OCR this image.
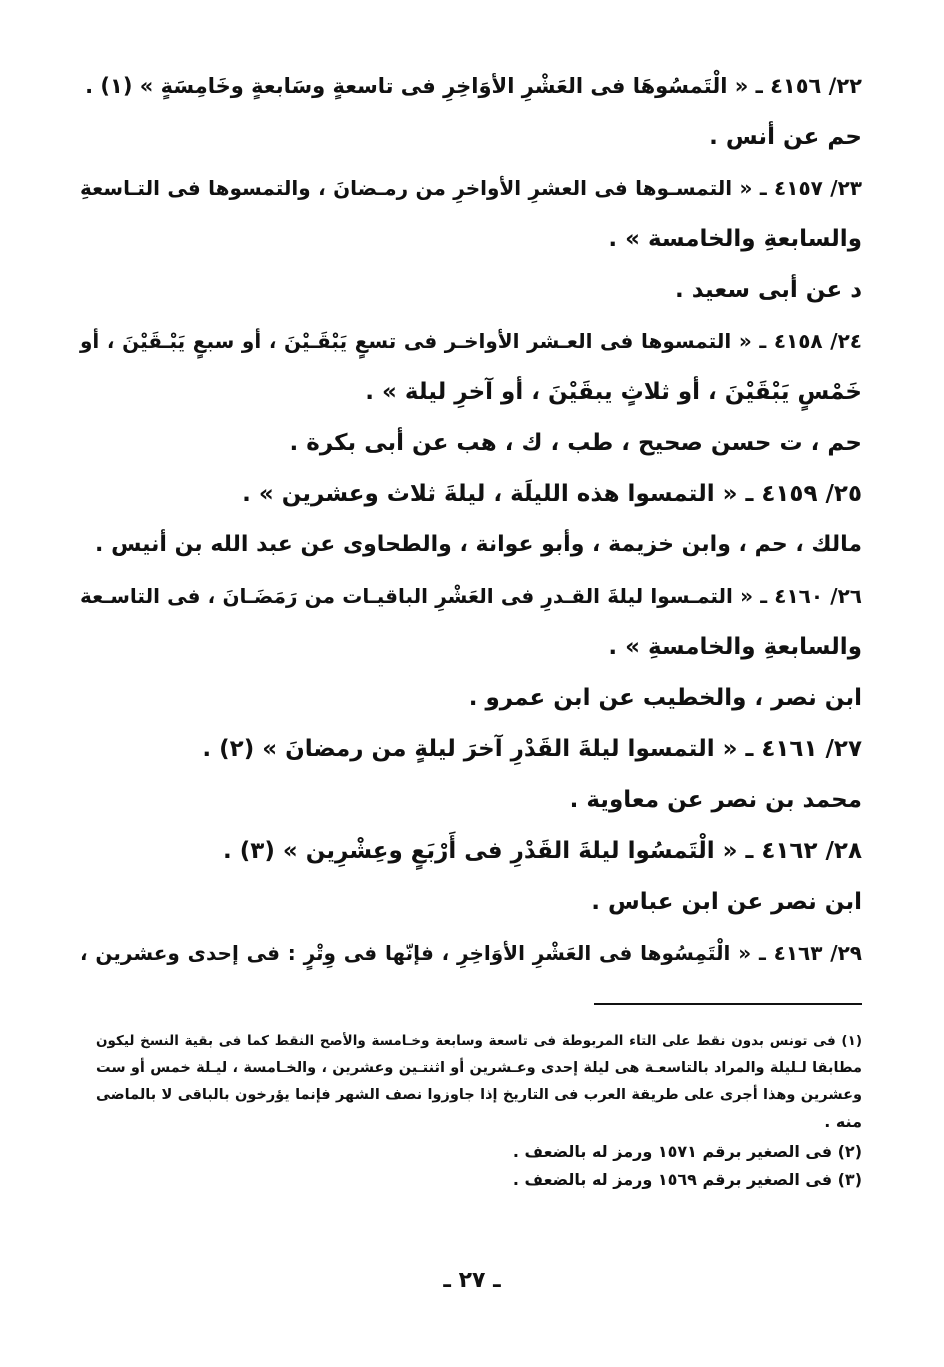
٢٢/ ٤١٥٦ ـ « الْتَمسُوهَا فى العَشْرِ الأوَاخِرِ فى تاسعةٍ وسَابعةٍ وخَامِسَةٍ » (١) .
حم عن أنس .
٢٣/ ٤١٥٧ ـ « التمسـوها فى العشرِ الأواخرِ من رمـضانَ ، والتمسوها فى التـاسعةِ
والسابعةِ والخامسة » .
د عن أبى سعيد .
٢٤/ ٤١٥٨ ـ « التمسوها فى العـشر الأواخـر فى تسعٍ يَبْقَـيْنَ ، أو سبعٍ يَبْـقَيْنَ ، أو
خَمْسٍ يَبْقَيْنَ ، أو ثلاثٍ يبقَيْنَ ، أو آخرِ ليلة » .
حم ، ت حسن صحيح ، طب ، ك ، هب عن أبى بكرة .
٢٥/ ٤١٥٩ ـ « التمسوا هذه الليلَة ، ليلةَ ثلاث وعشرين » .
مالك ، حم ، وابن خزيمة ، وأبو عوانة ، والطحاوى عن عبد الله بن أنيس .
٢٦/ ٤١٦٠ ـ « التمـسوا ليلةَ القـدرِ فى العَشْرِ الباقيـات من رَمَضَـانَ ، فى التاسـعة
والسابعةِ والخامسةِ » .
ابن نصر ، والخطيب عن ابن عمرو .
٢٧/ ٤١٦١ ـ « التمسوا ليلةَ القَدْرِ آخرَ ليلةٍ من رمضانَ » (٢) .
محمد بن نصر عن معاوية .
٢٨/ ٤١٦٢ ـ « الْتَمسُوا ليلةَ القَدْرِ فى أَرْبَعٍ وعِشْرِين » (٣) .
ابن نصر عن ابن عباس .
٢٩/ ٤١٦٣ ـ « الْتَمِسُوها فى العَشْرِ الأوَاخِرِ ، فإنّها فى وِتْرٍ : فى إحدى وعشرين ،
(١) فى تونس بدون نقط على التاء المربوطة فى تاسعة وسابعة وخـامسة والأصح النقط كما فى بقية النسخ ليكون
مطابقا لـليلة والمراد بالتاسعـة هى ليلة إحدى وعـشرين أو اثنتـين وعشرين ، والخـامسة ، ليـلة خمس أو ست
وعشرين وهذا أجرى على طريقة العرب فى التاريخ إذا جاوزوا نصف الشهر فإنما يؤرخون بالباقى لا بالماضى
منه .
(٢) فى الصغير برقم ١٥٧١ ورمز له بالضعف .
(٣) فى الصغير برقم ١٥٦٩ ورمز له بالضعف .
ـ ٢٧ ـ
